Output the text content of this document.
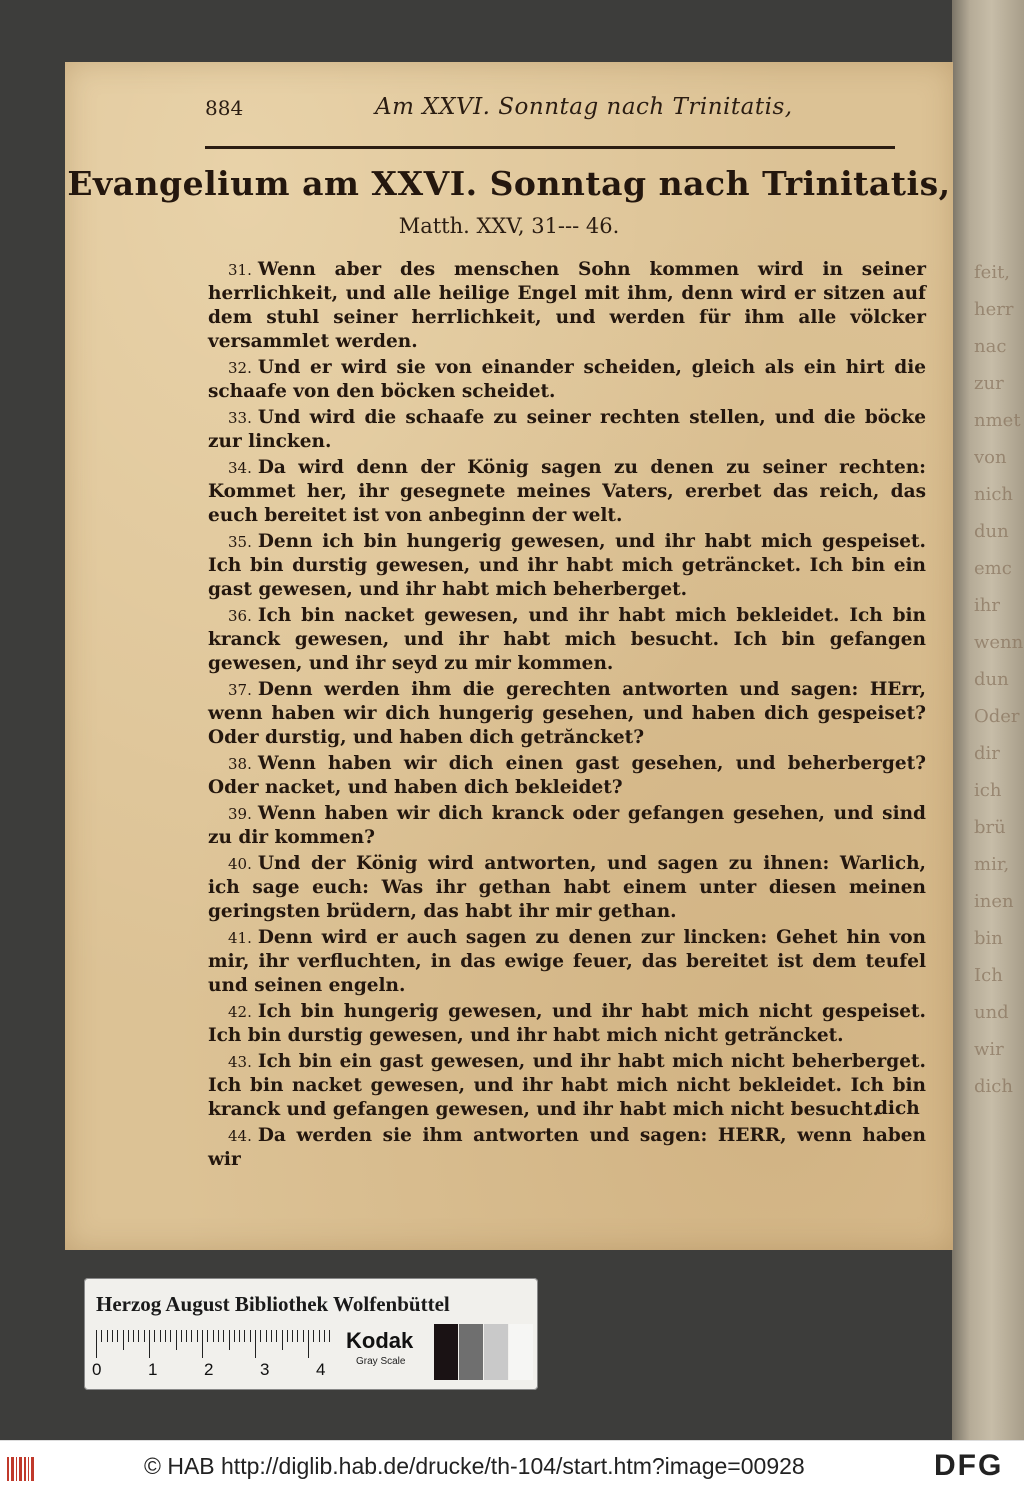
feit,
herr
nac
zur
nmet
von
nich
dun
emc
ihr
wenn
dun
Oder
dir
ich
brü
mir,
inen
bin
Ich
und
wir
dich
884	Am XXVI. Sonntag nach Trinitatis,
Evangelium am XXVI. Sonntag nach Trinitatis,
Matth. XXV, 31--- 46.

31. Wenn aber des menschen Sohn kommen wird in seiner herrlichkeit, und alle heilige Engel mit ihm, denn wird er sitzen auf dem stuhl seiner herrlichkeit, und werden für ihm alle völcker versammlet werden.

32. Und er wird sie von einander scheiden, gleich als ein hirt die schaafe von den böcken scheidet.

33. Und wird die schaafe zu seiner rechten stellen, und die böcke zur lincken.

34. Da wird denn der König sagen zu denen zu seiner rechten: Kommet her, ihr gesegnete meines Vaters, ererbet das reich, das euch bereitet ist von anbeginn der welt.

35. Denn ich bin hungerig gewesen, und ihr habt mich gespeiset. Ich bin durstig gewesen, und ihr habt mich geträncket. Ich bin ein gast gewesen, und ihr habt mich beherberget.

36. Ich bin nacket gewesen, und ihr habt mich bekleidet. Ich bin kranck gewesen, und ihr habt mich besucht. Ich bin gefangen gewesen, und ihr seyd zu mir kommen.

37. Denn werden ihm die gerechten antworten und sagen: HErr, wenn haben wir dich hungerig gesehen, und haben dich gespeiset? Oder durstig, und haben dich getrăncket?

38. Wenn haben wir dich einen gast gesehen, und beherberget? Oder nacket, und haben dich bekleidet?

39. Wenn haben wir dich kranck oder gefangen gesehen, und sind zu dir kommen?

40. Und der König wird antworten, und sagen zu ihnen: Warlich, ich sage euch: Was ihr gethan habt einem unter diesen meinen geringsten brüdern, das habt ihr mir gethan.

41. Denn wird er auch sagen zu denen zur lincken: Gehet hin von mir, ihr verfluchten, in das ewige feuer, das bereitet ist dem teufel und seinen engeln.

42. Ich bin hungerig gewesen, und ihr habt mich nicht gespeiset. Ich bin durstig gewesen, und ihr habt mich nicht getrăncket.

43. Ich bin ein gast gewesen, und ihr habt mich nicht beherberget. Ich bin nacket gewesen, und ihr habt mich nicht bekleidet. Ich bin kranck und gefangen gewesen, und ihr habt mich nicht besucht.

44. Da werden sie ihm antworten und sagen: HERR, wenn haben wir

dich
Herzog August Bibliothek Wolfenbüttel
0	1	2	3	4
Kodak
Gray Scale
© HAB http://diglib.hab.de/drucke/th-104/start.htm?image=00928	DFG
